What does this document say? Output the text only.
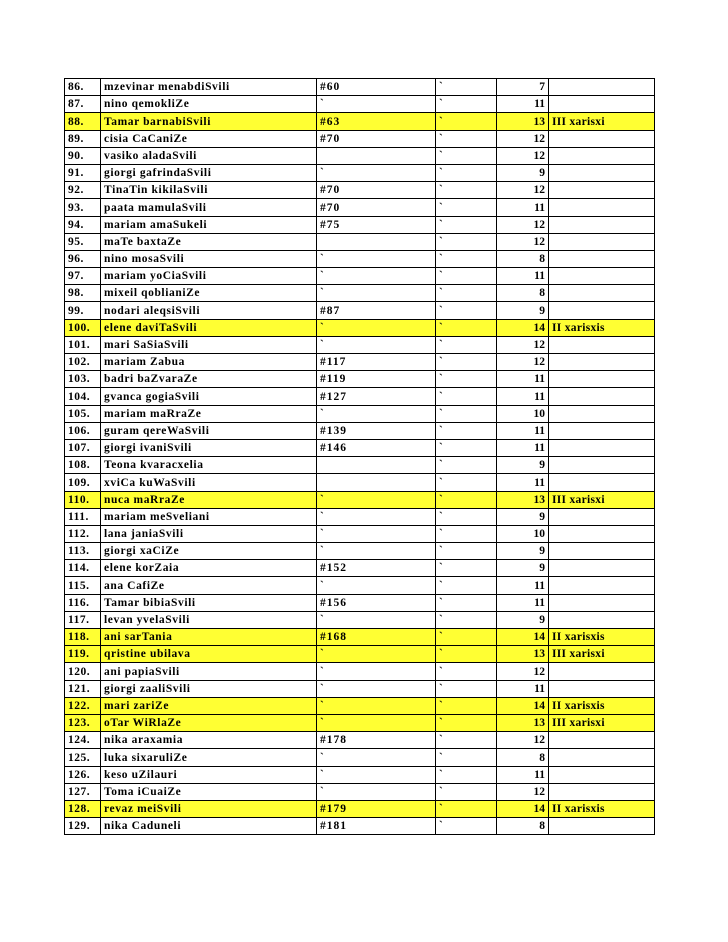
86.	mzevinar menabdiSvili	#60	`	7	
87.	nino qemokliZe	`	`	11	
88.	Tamar barnabiSvili	#63	`	13	III xarisxi
89.	cisia CaCaniZe	#70	`	12	
90.	vasiko aladaSvili		`	12	
91.	giorgi gafrindaSvili	`	`	9	
92.	TinaTin kikilaSvili	#70	`	12	
93.	paata mamulaSvili	#70	`	11	
94.	mariam amaSukeli	#75	`	12	
95.	maTe baxtaZe		`	12	
96.	nino mosaSvili	`	`	8	
97.	mariam yoCiaSvili	`	`	11	
98.	mixeil qoblianiZe	`	`	8	
99.	nodari aleqsiSvili	#87	`	9	
100.	elene daviTaSvili	`	`	14	II xarisxis
101.	mari SaSiaSvili	`	`	12	
102.	mariam Zabua	#117	`	12	
103.	badri baZvaraZe	#119	`	11	
104.	gvanca gogiaSvili	#127	`	11	
105.	mariam maRraZe	`	`	10	
106.	guram qereWaSvili	#139	`	11	
107.	giorgi ivaniSvili	#146	`	11	
108.	Teona kvaracxelia		`	9	
109.	xviCa kuWaSvili		`	11	
110.	nuca maRraZe	`	`	13	III xarisxi
111.	mariam meSveliani	`	`	9	
112.	lana janiaSvili	`	`	10	
113.	giorgi xaCiZe	`	`	9	
114.	elene korZaia	#152	`	9	
115.	ana CafiZe	`	`	11	
116.	Tamar bibiaSvili	#156	`	11	
117.	levan yvelaSvili	`	`	9	
118.	ani sarTania	#168	`	14	II xarisxis
119.	qristine ubilava	`	`	13	III xarisxi
120.	ani papiaSvili	`	`	12	
121.	giorgi zaaliSvili	`	`	11	
122.	mari zariZe	`	`	14	II xarisxis
123.	oTar WiRlaZe	`	`	13	III xarisxi
124.	nika araxamia	#178	`	12	
125.	luka sixaruliZe	`	`	8	
126.	keso uZilauri	`	`	11	
127.	Toma iCuaiZe	`	`	12	
128.	revaz meiSvili	#179	`	14	II xarisxis
129.	nika Caduneli	#181	`	8	
